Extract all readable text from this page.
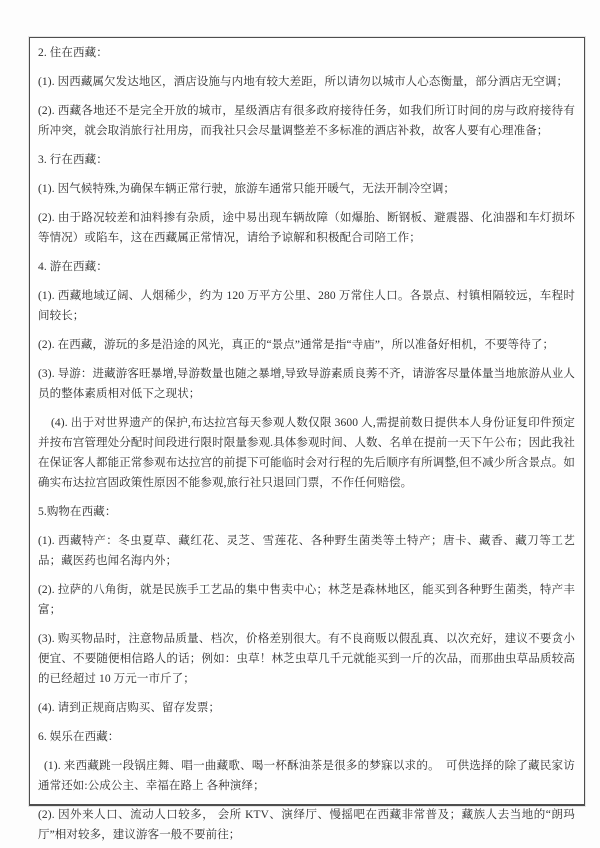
2. 住在西藏：
(1). 因西藏属欠发达地区，酒店设施与内地有较大差距，所以请勿以城市人心态衡量，部分酒店无空调；
(2). 西藏各地还不是完全开放的城市，星级酒店有很多政府接待任务，如我们所订时间的房与政府接待有所冲突，就会取消旅行社用房，而我社只会尽量调整差不多标准的酒店补救，故客人要有心理准备；
3. 行在西藏：
(1). 因气候特殊,为确保车辆正常行驶，旅游车通常只能开暖气，无法开制冷空调；
(2). 由于路况较差和油料掺有杂质，途中易出现车辆故障（如爆胎、断钢板、避震器、化油器和车灯损坏等情况）或陷车，这在西藏属正常情况，请给予谅解和积极配合司陪工作；
4. 游在西藏：
(1). 西藏地域辽阔、人烟稀少，约为 120 万平方公里、280 万常住人口。各景点、村镇相隔较远，车程时间较长；
(2). 在西藏，游玩的多是沿途的风光，真正的“景点”通常是指“寺庙”，所以准备好相机，不要等待了；
(3). 导游：进藏游客旺暴增,导游数量也随之暴增,导致导游素质良莠不齐，请游客尽量体量当地旅游从业人员的整体素质相对低下之现状；
(4). 出于对世界遗产的保护,布达拉宫每天参观人数仅限 3600 人,需提前数日提供本人身份证复印件预定并按布宫管理处分配时间段进行限时限量参观.具体参观时间、人数、名单在提前一天下午公布；因此我社在保证客人都能正常参观布达拉宫的前提下可能临时会对行程的先后顺序有所调整,但不减少所含景点。如确实布达拉宫固政策性原因不能参观,旅行社只退回门票，不作任何赔偿。
5.购物在西藏：
(1). 西藏特产：冬虫夏草、藏红花、灵芝、雪莲花、各种野生菌类等土特产；唐卡、藏香、藏刀等工艺品；藏医药也闻名海内外；
(2). 拉萨的八角街，就是民族手工艺品的集中售卖中心；林芝是森林地区，能买到各种野生菌类，特产丰富；
(3). 购买物品时，注意物品质量、档次，价格差别很大。有不良商贩以假乱真、以次充好，建议不要贪小便宜、不要随便相信路人的话；例如：虫草！林芝虫草几千元就能买到一斤的次品，而那曲虫草品质较高的已经超过 10 万元一市斤了；
(4). 请到正规商店购买、留存发票；
6. 娱乐在西藏：
(1). 来西藏跳一段锅庄舞、唱一曲藏歌、喝一杯酥油茶是很多的梦寐以求的。　可供选择的除了藏民家访通常还如:公成公主、幸福在路上 各种演绎；
(2). 因外来人口、流动人口较多， 会所 KTV、演绎厅、慢摇吧在西藏非常普及；藏族人去当地的“朗玛厅”相对较多，建议游客一般不要前往；
